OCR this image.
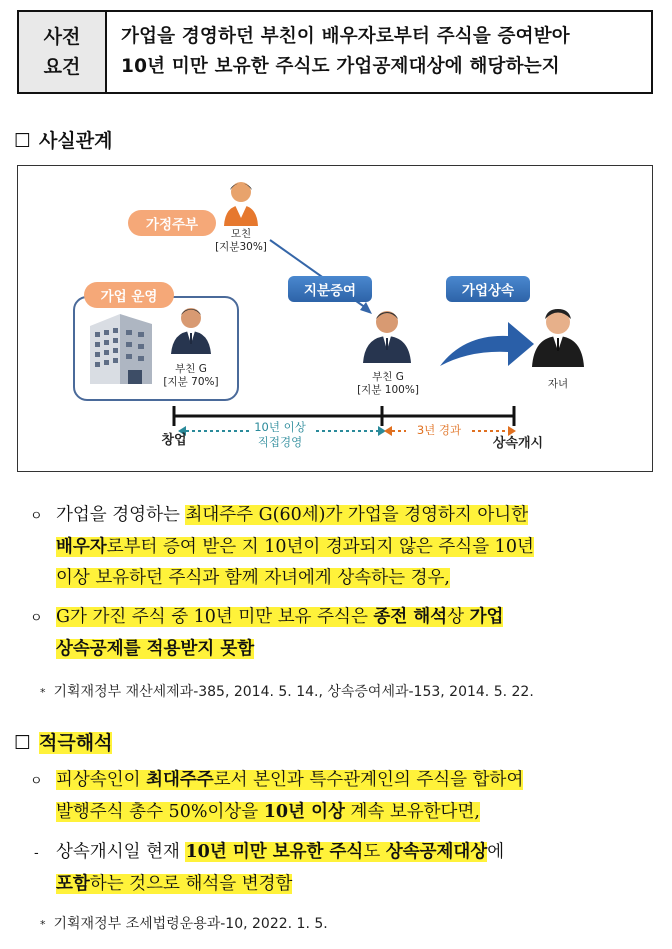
사전
요건
가업을 경영하던 부친이 배우자로부터 주식을 증여받아
10년 미만 보유한 주식도 가업공제대상에 해당하는지
☐ 사실관계
가정주부
모친
[지분30%]
가업 운영
부친 G
[지분 70%]
지분증여
부친 G
[지분 100%]
가업상속
자녀
10년 이상
직접경영
3년 경과
창업	상속개시
ㅇ 가업을 경영하는 최대주주 G(60세)가 가업을 경영하지 아니한
배우자로부터 증여 받은 지 10년이 경과되지 않은 주식을 10년
이상 보유하던 주식과 함께 자녀에게 상속하는 경우,
ㅇ G가 가진 주식 중 10년 미만 보유 주식은 종전 해석상 가업
상속공제를 적용받지 못함
* 기획재정부 재산세제과-385, 2014. 5. 14., 상속증여세과-153, 2014. 5. 22.
☐ 적극해석
ㅇ 피상속인이 최대주주로서 본인과 특수관계인의 주식을 합하여
발행주식 총수 50%이상을 10년 이상 계속 보유한다면,
- 상속개시일 현재 10년 미만 보유한 주식도 상속공제대상에
포함하는 것으로 해석을 변경함
* 기획재정부 조세법령운용과-10, 2022. 1. 5.
